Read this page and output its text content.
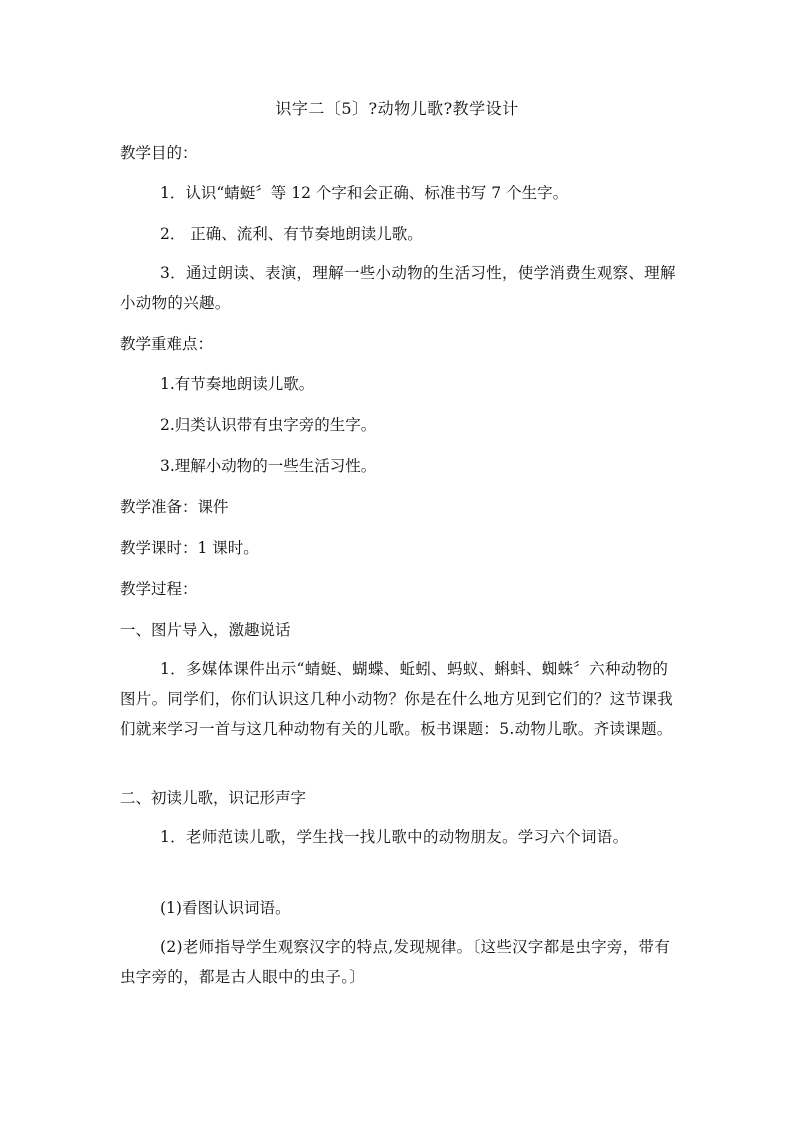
识字二〔5〕?动物儿歌?教学设计
教学目的：
1．认识“蜻蜓〞等 12 个字和会正确、标准书写 7 个生字。
2． 正确、流利、有节奏地朗读儿歌。
3．通过朗读、表演，理解一些小动物的生活习性，使学消费生观察、理解小动物的兴趣。
教学重难点：
1.有节奏地朗读儿歌。
2.归类认识带有虫字旁的生字。
3.理解小动物的一些生活习性。
教学准备：课件
教学课时：1 课时。
教学过程：
一、图片导入，激趣说话
1．多媒体课件出示“蜻蜓、蝴蝶、蚯蚓、蚂蚁、蝌蚪、蜘蛛〞六种动物的图片。同学们，你们认识这几种小动物？你是在什么地方见到它们的？这节课我们就来学习一首与这几种动物有关的儿歌。板书课题：5.动物儿歌。齐读课题。
二、初读儿歌，识记形声字
1．老师范读儿歌，学生找一找儿歌中的动物朋友。学习六个词语。
(1)看图认识词语。
(2)老师指导学生观察汉字的特点,发现规律。〔这些汉字都是虫字旁，带有虫字旁的，都是古人眼中的虫子。〕
